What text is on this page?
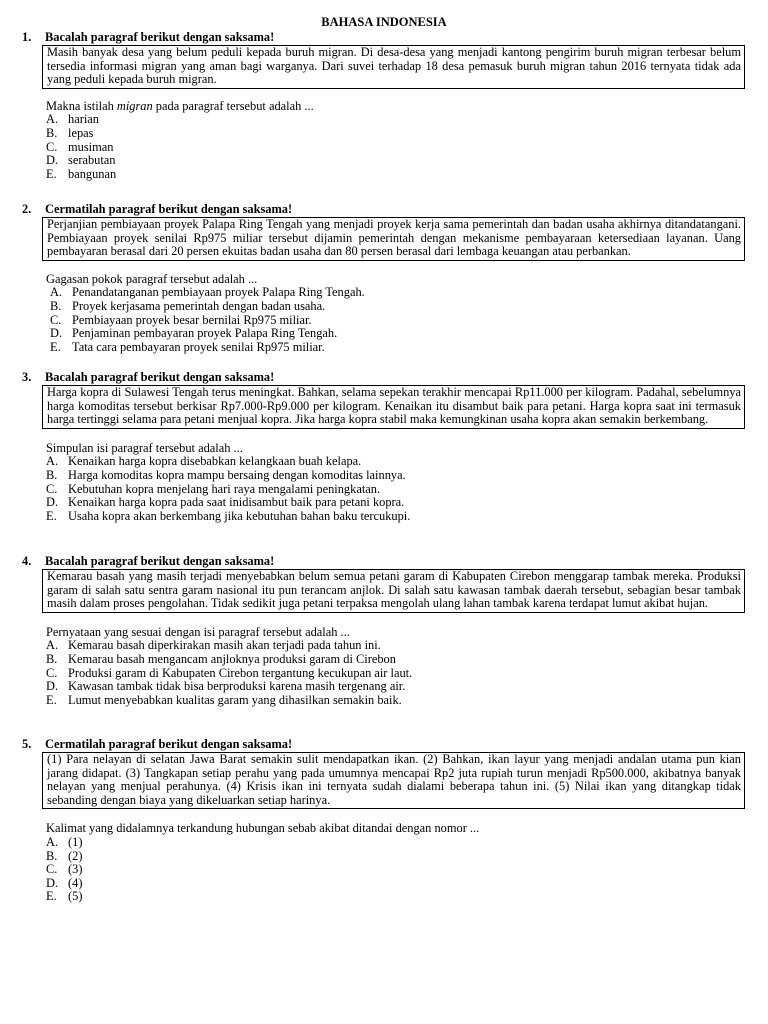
BAHASA INDONESIA
1. Bacalah paragraf berikut dengan saksama!
Masih banyak desa yang belum peduli kepada buruh migran. Di desa-desa yang menjadi kantong pengirim buruh migran terbesar belum tersedia informasi migran yang aman bagi warganya. Dari suvei terhadap 18 desa pemasuk buruh migran tahun 2016 ternyata tidak ada yang peduli kepada buruh migran.
Makna istilah migran pada paragraf tersebut adalah ...
A. harian
B. lepas
C. musiman
D. serabutan
E. bangunan
2. Cermatilah paragraf berikut dengan saksama!
Perjanjian pembiayaan proyek Palapa Ring Tengah yang menjadi proyek kerja sama pemerintah dan badan usaha akhirnya ditandatangani. Pembiayaan proyek senilai Rp975 miliar tersebut dijamin pemerintah dengan mekanisme pembayaraan ketersediaan layanan. Uang pembayaran berasal dari 20 persen ekuitas badan usaha dan 80 persen berasal dari lembaga keuangan atau perbankan.
Gagasan pokok paragraf tersebut adalah ...
A. Penandatanganan pembiayaan proyek Palapa Ring Tengah.
B. Proyek kerjasama pemerintah dengan badan usaha.
C. Pembiayaan proyek besar bernilai Rp975 miliar.
D. Penjaminan pembayaran proyek Palapa Ring Tengah.
E. Tata cara pembayaran proyek senilai Rp975 miliar.
3. Bacalah paragraf berikut dengan saksama!
Harga kopra di Sulawesi Tengah terus meningkat. Bahkan, selama sepekan terakhir mencapai Rp11.000 per kilogram. Padahal, sebelumnya harga komoditas tersebut berkisar Rp7.000-Rp9.000 per kilogram. Kenaikan itu disambut baik para petani. Harga kopra saat ini termasuk harga tertinggi selama para petani menjual kopra. Jika harga kopra stabil maka kemungkinan usaha kopra akan semakin berkembang.
Simpulan isi paragraf tersebut adalah ...
A. Kenaikan harga kopra disebabkan kelangkaan buah kelapa.
B. Harga komoditas kopra mampu bersaing dengan komoditas lainnya.
C. Kebutuhan kopra menjelang hari raya mengalami peningkatan.
D. Kenaikan harga kopra pada saat inidisambut baik para petani kopra.
E. Usaha kopra akan berkembang jika kebutuhan bahan baku tercukupi.
4. Bacalah paragraf berikut dengan saksama!
Kemarau basah yang masih terjadi menyebabkan belum semua petani garam di Kabupaten Cirebon menggarap tambak mereka. Produksi garam di salah satu sentra garam nasional itu pun terancam anjlok. Di salah satu kawasan tambak daerah tersebut, sebagian besar tambak masih dalam proses pengolahan. Tidak sedikit juga petani terpaksa mengolah ulang lahan tambak karena terdapat lumut akibat hujan.
Pernyataan yang sesuai dengan isi paragraf tersebut adalah ...
A. Kemarau basah diperkirakan masih akan terjadi pada tahun ini.
B. Kemarau basah mengancam anjloknya produksi garam di Cirebon
C. Produksi garam di Kabupaten Cirebon tergantung kecukupan air laut.
D. Kawasan tambak tidak bisa berproduksi karena masih tergenang air.
E. Lumut menyebabkan kualitas garam yang dihasilkan semakin baik.
5. Cermatilah paragraf berikut dengan saksama!
(1) Para nelayan di selatan Jawa Barat semakin sulit mendapatkan ikan. (2) Bahkan, ikan layur yang menjadi andalan utama pun kian jarang didapat. (3) Tangkapan setiap perahu yang pada umumnya mencapai Rp2 juta rupiah turun menjadi Rp500.000, akibatnya banyak nelayan yang menjual perahunya. (4) Krisis ikan ini ternyata sudah dialami beberapa tahun ini. (5) Nilai ikan yang ditangkap tidak sebanding dengan biaya yang dikeluarkan setiap harinya.
Kalimat yang didalamnya terkandung hubungan sebab akibat ditandai dengan nomor ...
A. (1)
B. (2)
C. (3)
D. (4)
E. (5)
